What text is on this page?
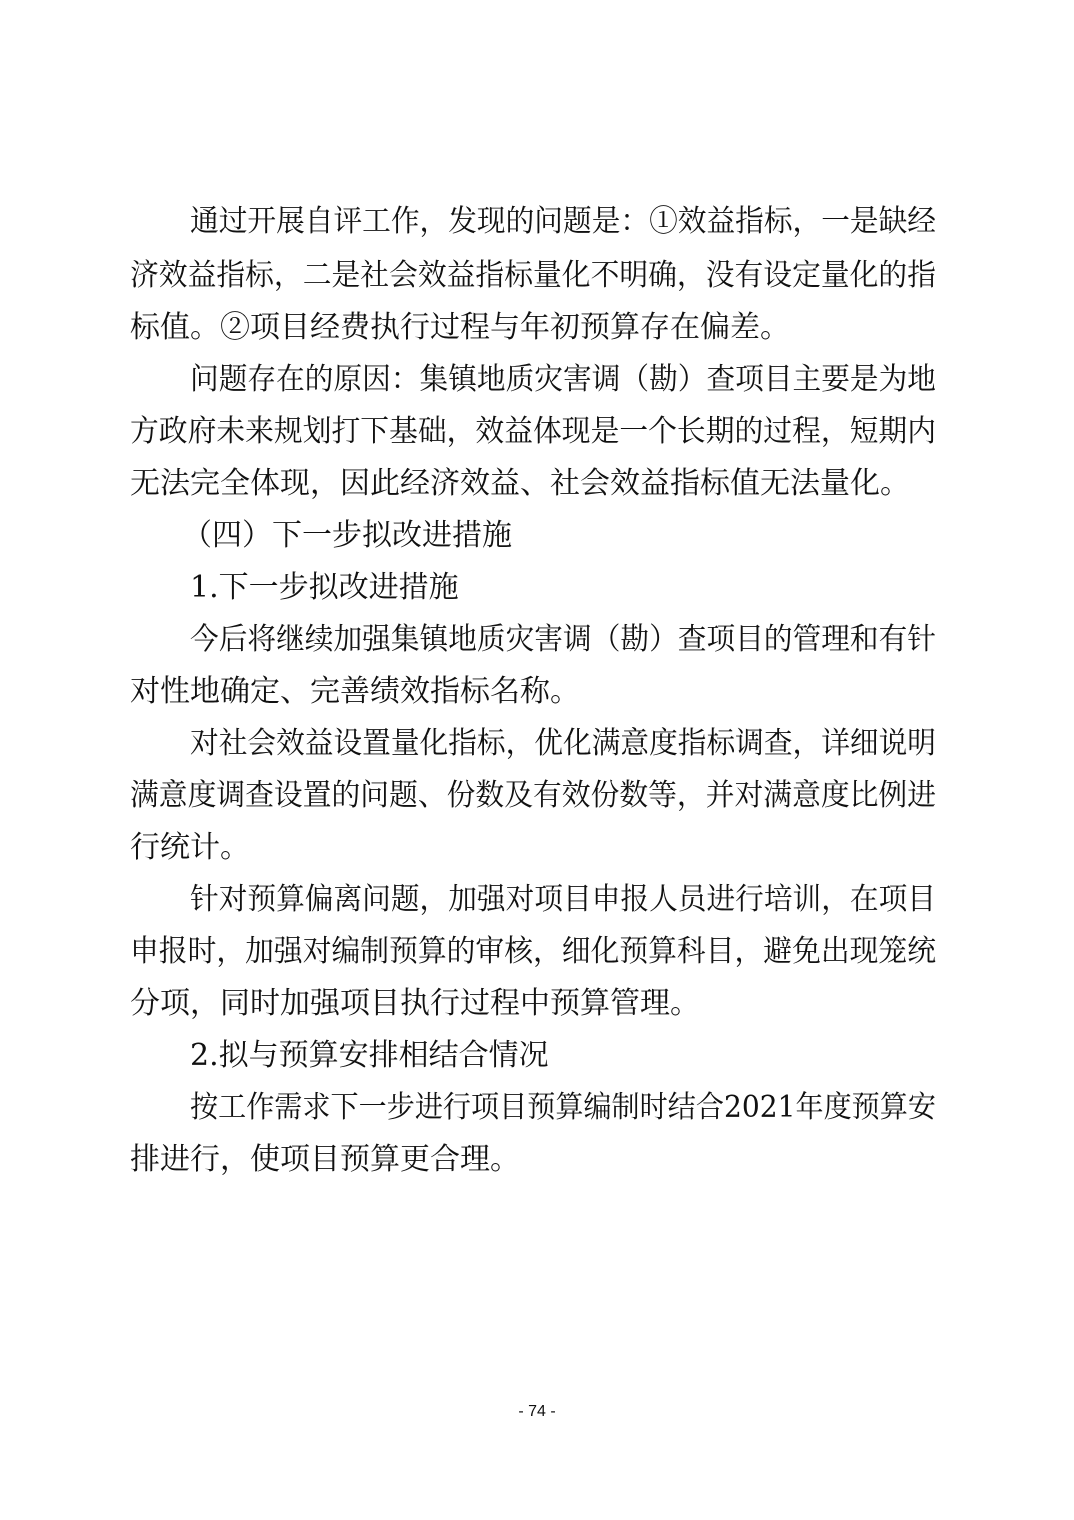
通过开展自评工作，发现的问题是：①效益指标，一是缺经
济效益指标，二是社会效益指标量化不明确，没有设定量化的指
标值。②项目经费执行过程与年初预算存在偏差。
问题存在的原因：集镇地质灾害调（勘）查项目主要是为地
方政府未来规划打下基础，效益体现是一个长期的过程，短期内
无法完全体现，因此经济效益、社会效益指标值无法量化。
（四）下一步拟改进措施
1.下一步拟改进措施
今后将继续加强集镇地质灾害调（勘）查项目的管理和有针
对性地确定、完善绩效指标名称。
对社会效益设置量化指标，优化满意度指标调查，详细说明
满意度调查设置的问题、份数及有效份数等，并对满意度比例进
行统计。
针对预算偏离问题，加强对项目申报人员进行培训，在项目
申报时，加强对编制预算的审核，细化预算科目，避免出现笼统
分项，同时加强项目执行过程中预算管理。
2.拟与预算安排相结合情况
按工作需求下一步进行项目预算编制时结合2021年度预算安
排进行，使项目预算更合理。
- 74 -
